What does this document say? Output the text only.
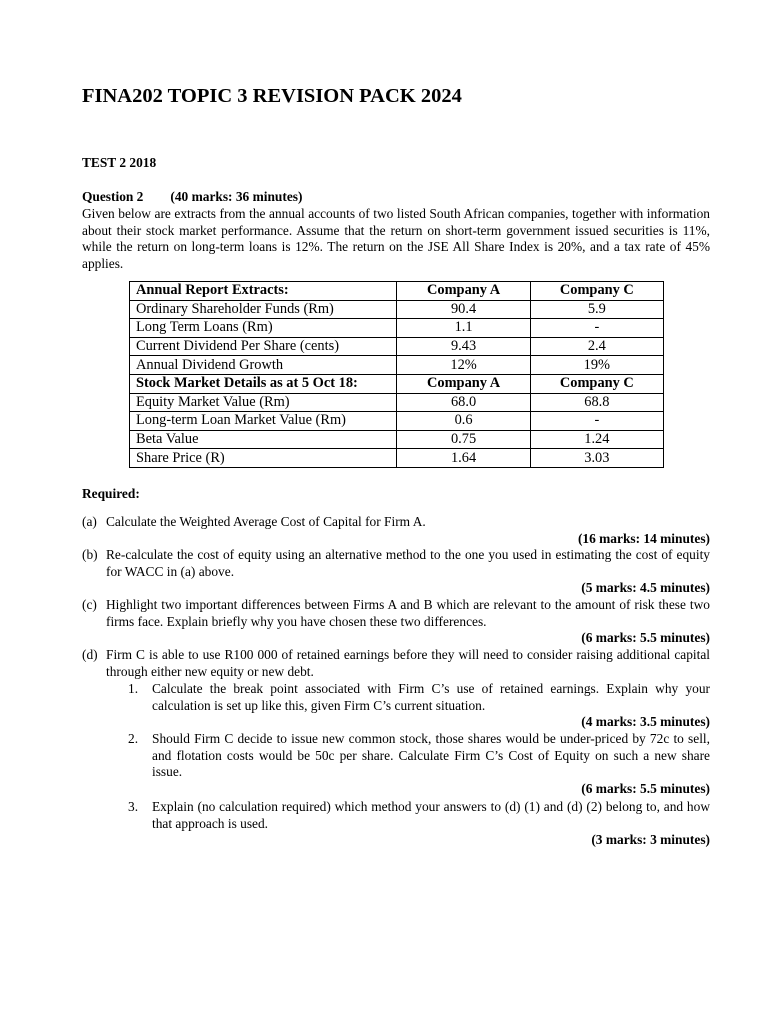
FINA202 TOPIC 3 REVISION PACK 2024
TEST 2 2018
Question 2 (40 marks: 36 minutes)
Given below are extracts from the annual accounts of two listed South African companies, together with information about their stock market performance. Assume that the return on short-term government issued securities is 11%, while the return on long-term loans is 12%. The return on the JSE All Share Index is 20%, and a tax rate of 45% applies.
Annual Report Extracts:	Company A	Company C
Ordinary Shareholder Funds (Rm)	90.4	5.9
Long Term Loans (Rm)	1.1	-
Current Dividend Per Share (cents)	9.43	2.4
Annual Dividend Growth	12%	19%
Stock Market Details as at 5 Oct 18:	Company A	Company C
Equity Market Value (Rm)	68.0	68.8
Long-term Loan Market Value (Rm)	0.6	-
Beta Value	0.75	1.24
Share Price (R)	1.64	3.03
Required:
(a) Calculate the Weighted Average Cost of Capital for Firm A.
(16 marks: 14 minutes)
(b) Re-calculate the cost of equity using an alternative method to the one you used in estimating the cost of equity for WACC in (a) above.
(5 marks: 4.5 minutes)
(c) Highlight two important differences between Firms A and B which are relevant to the amount of risk these two firms face. Explain briefly why you have chosen these two differences.
(6 marks: 5.5 minutes)
(d) Firm C is able to use R100 000 of retained earnings before they will need to consider raising additional capital through either new equity or new debt.
1. Calculate the break point associated with Firm C’s use of retained earnings. Explain why your calculation is set up like this, given Firm C’s current situation.
(4 marks: 3.5 minutes)
2. Should Firm C decide to issue new common stock, those shares would be under-priced by 72c to sell, and flotation costs would be 50c per share. Calculate Firm C’s Cost of Equity on such a new share issue.
(6 marks: 5.5 minutes)
3. Explain (no calculation required) which method your answers to (d) (1) and (d) (2) belong to, and how that approach is used.
(3 marks: 3 minutes)
